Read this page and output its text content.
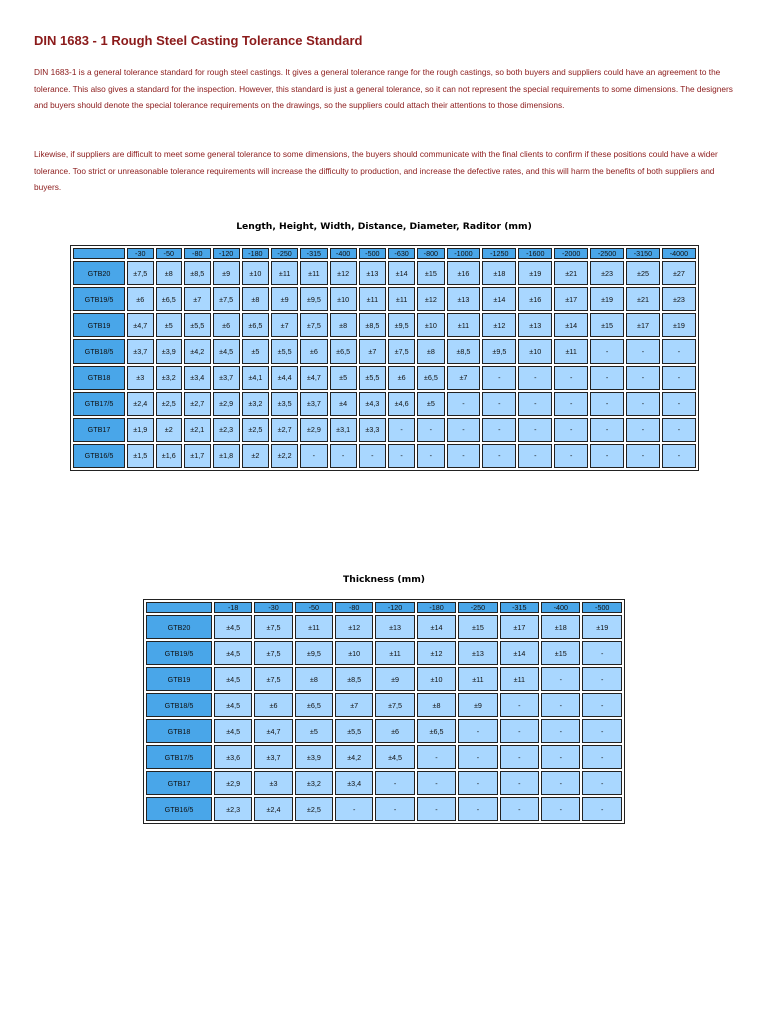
DIN 1683 - 1 Rough Steel Casting Tolerance Standard

DIN 1683-1 is a general tolerance standard for rough steel castings. It gives a general tolerance range for the rough castings, so both buyers and suppliers could have an agreement to the tolerance. This also gives a standard for the inspection. However, this standard is just a general tolerance, so it can not represent the special requirements to some dimensions. The designers and buyers should denote the special tolerance requirements on the drawings, so the suppliers could attach their attentions to those dimensions.

Likewise, if suppliers are difficult to meet some general tolerance to some dimensions, the buyers should communicate with the final clients to confirm if these positions could have a wider tolerance. Too strict or unreasonable tolerance requirements will increase the difficulty to production, and increase the defective rates, and this will harm the benefits of both suppliers and buyers.

Length, Height, Width, Distance, Diameter, Raditor (mm)
	-30	-50	-80	-120	-180	-250	-315	-400	-500	-630	-800	-1000	-1250	-1600	-2000	-2500	-3150	-4000
GTB20	±7,5	±8	±8,5	±9	±10	±11	±11	±12	±13	±14	±15	±16	±18	±19	±21	±23	±25	±27
GTB19/5	±6	±6,5	±7	±7,5	±8	±9	±9,5	±10	±11	±11	±12	±13	±14	±16	±17	±19	±21	±23
GTB19	±4,7	±5	±5,5	±6	±6,5	±7	±7,5	±8	±8,5	±9,5	±10	±11	±12	±13	±14	±15	±17	±19
GTB18/5	±3,7	±3,9	±4,2	±4,5	±5	±5,5	±6	±6,5	±7	±7,5	±8	±8,5	±9,5	±10	±11	-	-	-
GTB18	±3	±3,2	±3,4	±3,7	±4,1	±4,4	±4,7	±5	±5,5	±6	±6,5	±7	-	-	-	-	-	-
GTB17/5	±2,4	±2,5	±2,7	±2,9	±3,2	±3,5	±3,7	±4	±4,3	±4,6	±5	-	-	-	-	-	-	-
GTB17	±1,9	±2	±2,1	±2,3	±2,5	±2,7	±2,9	±3,1	±3,3	-	-	-	-	-	-	-	-	-
GTB16/5	±1,5	±1,6	±1,7	±1,8	±2	±2,2	-	-	-	-	-	-	-	-	-	-	-	-
Thickness (mm)
	-18	-30	-50	-80	-120	-180	-250	-315	-400	-500
GTB20	±4,5	±7,5	±11	±12	±13	±14	±15	±17	±18	±19
GTB19/5	±4,5	±7,5	±9,5	±10	±11	±12	±13	±14	±15	-
GTB19	±4,5	±7,5	±8	±8,5	±9	±10	±11	±11	-	-
GTB18/5	±4,5	±6	±6,5	±7	±7,5	±8	±9	-	-	-
GTB18	±4,5	±4,7	±5	±5,5	±6	±6,5	-	-	-	-
GTB17/5	±3,6	±3,7	±3,9	±4,2	±4,5	-	-	-	-	-
GTB17	±2,9	±3	±3,2	±3,4	-	-	-	-	-	-
GTB16/5	±2,3	±2,4	±2,5	-	-	-	-	-	-	-
